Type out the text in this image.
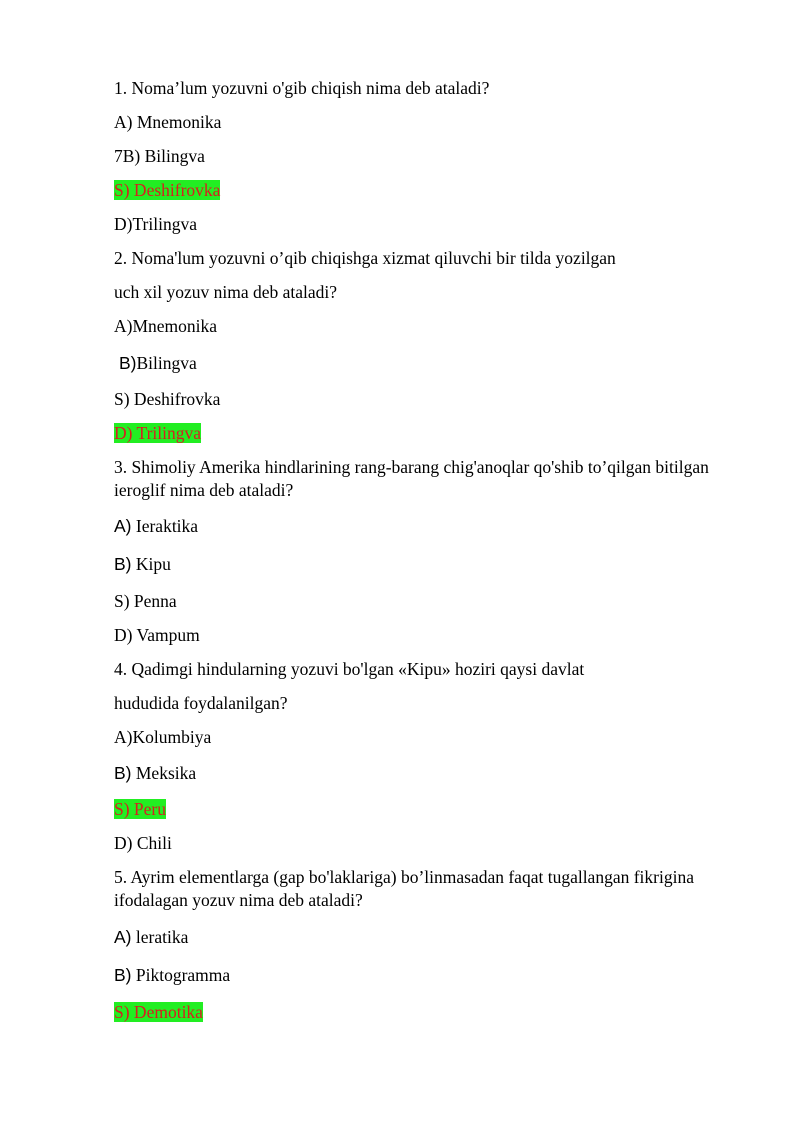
1. Noma’lum yozuvni o'gib chiqish nima deb ataladi?

A) Mnemonika

7B) Bilingva

S) Deshifrovka

D)Trilingva

2. Noma'lum yozuvni o’qib chiqishga xizmat qiluvchi bir tilda yozilgan

uch xil yozuv nima deb ataladi?

A)Mnemonika

B)Bilingva

S) Deshifrovka

D) Trilingva

3. Shimoliy Amerika hindlarining rang-barang chig'anoqlar qo'shib to’qilgan bitilgan ieroglif nima deb ataladi?

A) Ieraktika

B) Kipu

S) Penna

D) Vampum

4. Qadimgi hindularning yozuvi bo'lgan «Kipu» hoziri qaysi davlat

hududida foydalanilgan?

A)Kolumbiya

B) Meksika

S) Peru

D) Chili

5. Ayrim elementlarga (gap bo'laklariga) bo’linmasadan faqat tugallangan fikrigina ifodalagan yozuv nima deb ataladi?

A) leratika

B) Piktogramma

S) Demotika
